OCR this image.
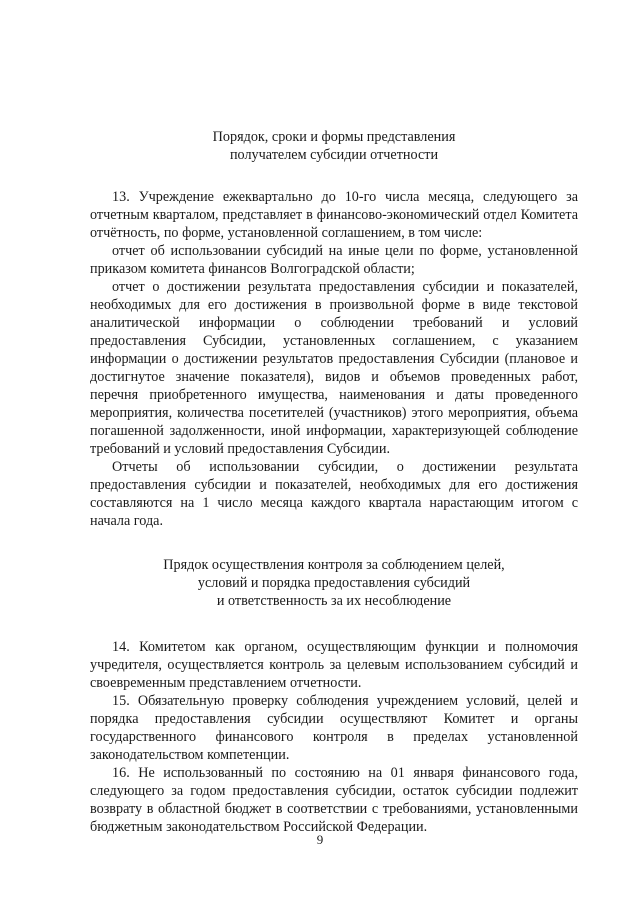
Порядок, сроки и формы представления
получателем субсидии отчетности

13. Учреждение ежеквартально до 10-го числа месяца, следующего за отчетным кварталом, представляет в финансово-экономический отдел Комитета отчётность, по форме, установленной соглашением, в том числе:

отчет об использовании субсидий на иные цели по форме, установленной приказом комитета финансов Волгоградской области;

отчет о достижении результата предоставления субсидии и показателей, необходимых для его достижения в произвольной форме в виде текстовой аналитической информации о соблюдении требований и условий предоставления Субсидии, установленных соглашением, с указанием информации о достижении результатов предоставления Субсидии (плановое и достигнутое значение показателя), видов и объемов проведенных работ, перечня приобретенного имущества, наименования и даты проведенного мероприятия, количества посетителей (участников) этого мероприятия, объема погашенной задолженности, иной информации, характеризующей соблюдение требований и условий предоставления Субсидии.

Отчеты об использовании субсидии, о достижении результата предоставления субсидии и показателей, необходимых для его достижения составляются на 1 число месяца каждого квартала нарастающим итогом с начала года.

Прядок осуществления контроля за соблюдением целей,
условий и порядка предоставления субсидий
и ответственность за их несоблюдение

14. Комитетом как органом, осуществляющим функции и полномочия учредителя, осуществляется контроль за целевым использованием субсидий и своевременным представлением отчетности.

15. Обязательную проверку соблюдения учреждением условий, целей и порядка предоставления субсидии осуществляют Комитет и органы государственного финансового контроля в пределах установленной законодательством компетенции.

16. Не использованный по состоянию на 01 января финансового года, следующего за годом предоставления субсидии, остаток субсидии подлежит возврату в областной бюджет в соответствии с требованиями, установленными бюджетным законодательством Российской Федерации.

9
